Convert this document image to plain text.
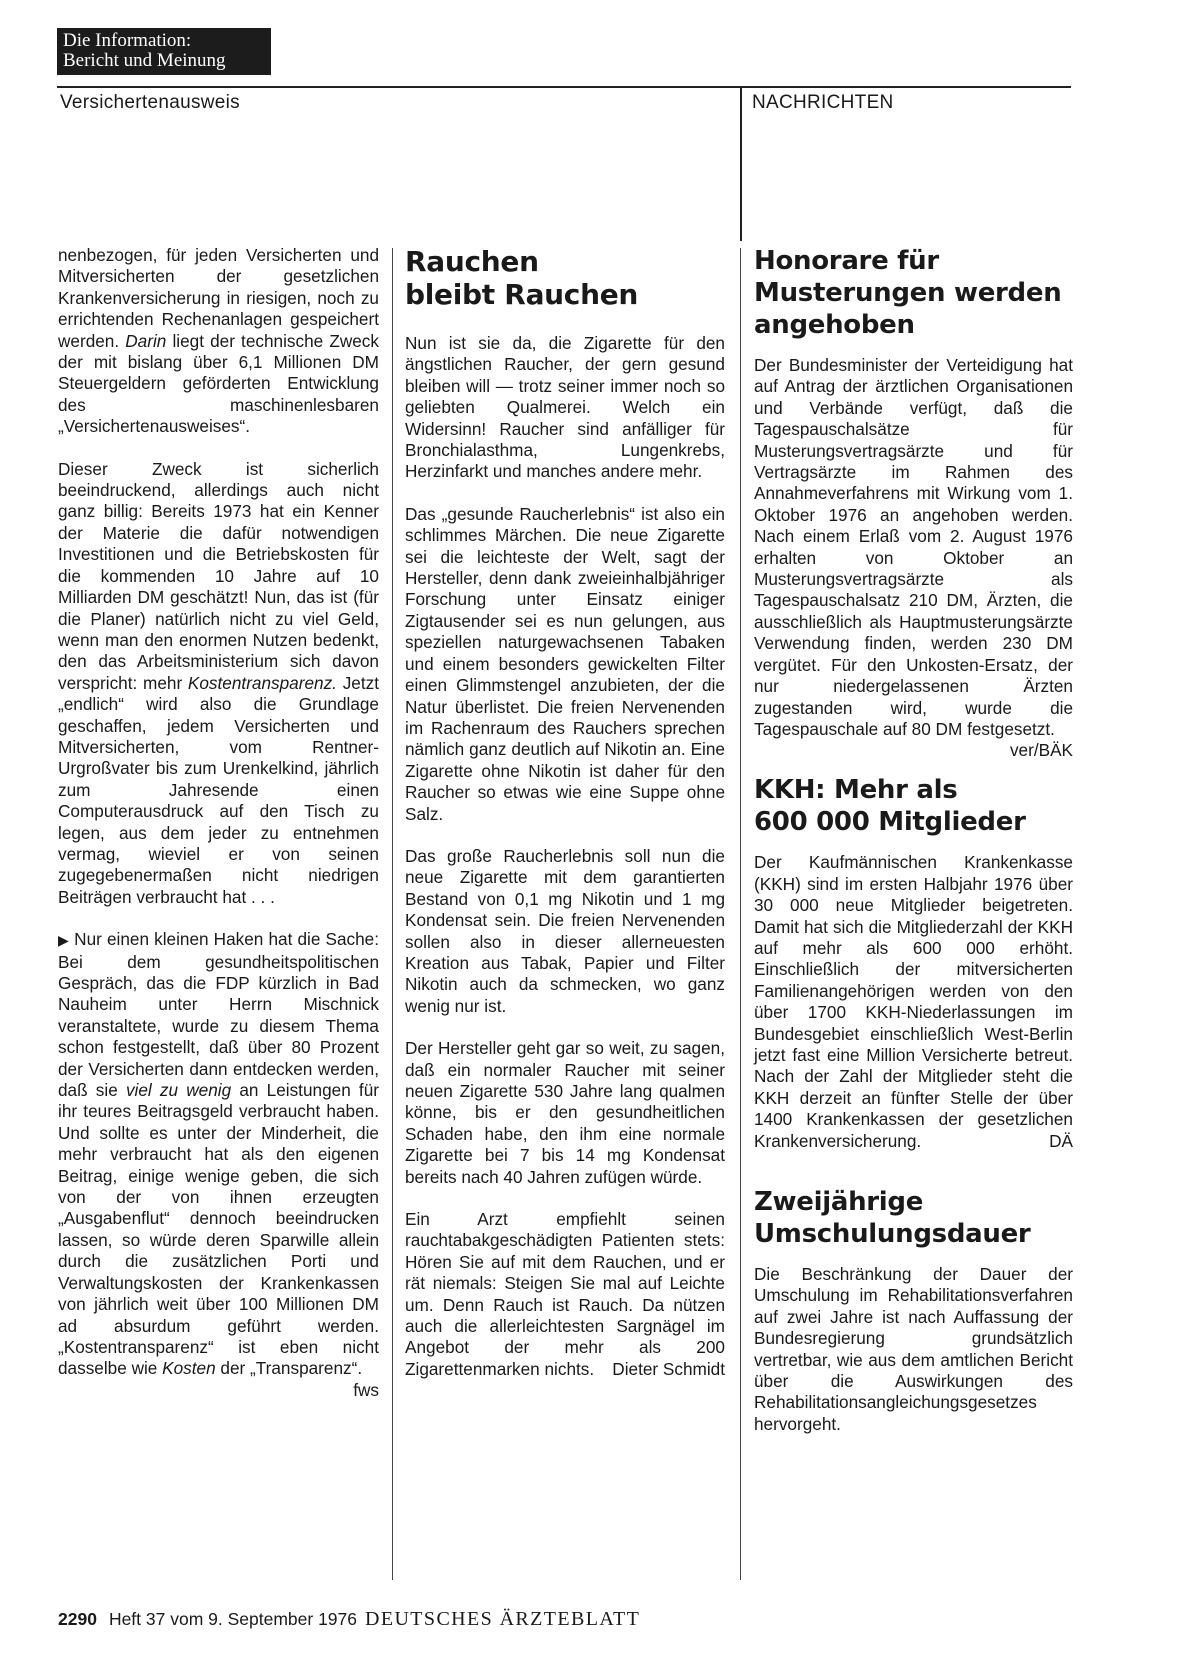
Die Information:
Bericht und Meinung
Versichertenausweis	NACHRICHTEN

nenbezogen, für jeden Versicherten und Mitversicherten der gesetzlichen Krankenversicherung in riesigen, noch zu errichtenden Rechenanlagen gespeichert werden. Darin liegt der technische Zweck der mit bislang über 6,1 Millionen DM Steuergeldern geförderten Entwicklung des maschinenlesbaren „Versichertenausweises“.

Dieser Zweck ist sicherlich beeindruckend, allerdings auch nicht ganz billig: Bereits 1973 hat ein Kenner der Materie die dafür notwendigen Investitionen und die Betriebskosten für die kommenden 10 Jahre auf 10 Milliarden DM geschätzt! Nun, das ist (für die Planer) natürlich nicht zu viel Geld, wenn man den enormen Nutzen bedenkt, den das Arbeitsministerium sich davon verspricht: mehr Kostentransparenz. Jetzt „endlich“ wird also die Grundlage geschaffen, jedem Versicherten und Mitversicherten, vom Rentner-Urgroßvater bis zum Urenkelkind, jährlich zum Jahresende einen Computerausdruck auf den Tisch zu legen, aus dem jeder zu entnehmen vermag, wieviel er von seinen zugegebenermaßen nicht niedrigen Beiträgen verbraucht hat . . .

▶ Nur einen kleinen Haken hat die Sache: Bei dem gesundheitspolitischen Gespräch, das die FDP kürzlich in Bad Nauheim unter Herrn Mischnick veranstaltete, wurde zu diesem Thema schon festgestellt, daß über 80 Prozent der Versicherten dann entdecken werden, daß sie viel zu wenig an Leistungen für ihr teures Beitragsgeld verbraucht haben. Und sollte es unter der Minderheit, die mehr verbraucht hat als den eigenen Beitrag, einige wenige geben, die sich von der von ihnen erzeugten „Ausgabenflut“ dennoch beeindrucken lassen, so würde deren Sparwille allein durch die zusätzlichen Porti und Verwaltungskosten der Krankenkassen von jährlich weit über 100 Millionen DM ad absurdum geführt werden. „Kostentransparenz“ ist eben nicht dasselbe wie Kosten der „Transparenz“.
fws

Rauchen
bleibt Rauchen

Nun ist sie da, die Zigarette für den ängstlichen Raucher, der gern gesund bleiben will — trotz seiner immer noch so geliebten Qualmerei. Welch ein Widersinn! Raucher sind anfälliger für Bronchialasthma, Lungenkrebs, Herzinfarkt und manches andere mehr.

Das „gesunde Raucherlebnis“ ist also ein schlimmes Märchen. Die neue Zigarette sei die leichteste der Welt, sagt der Hersteller, denn dank zweieinhalbjähriger Forschung unter Einsatz einiger Zigtausender sei es nun gelungen, aus speziellen naturgewachsenen Tabaken und einem besonders gewickelten Filter einen Glimmstengel anzubieten, der die Natur überlistet. Die freien Nervenenden im Rachenraum des Rauchers sprechen nämlich ganz deutlich auf Nikotin an. Eine Zigarette ohne Nikotin ist daher für den Raucher so etwas wie eine Suppe ohne Salz.

Das große Raucherlebnis soll nun die neue Zigarette mit dem garantierten Bestand von 0,1 mg Nikotin und 1 mg Kondensat sein. Die freien Nervenenden sollen also in dieser allerneuesten Kreation aus Tabak, Papier und Filter Nikotin auch da schmecken, wo ganz wenig nur ist.

Der Hersteller geht gar so weit, zu sagen, daß ein normaler Raucher mit seiner neuen Zigarette 530 Jahre lang qualmen könne, bis er den gesundheitlichen Schaden habe, den ihm eine normale Zigarette bei 7 bis 14 mg Kondensat bereits nach 40 Jahren zufügen würde.

Ein Arzt empfiehlt seinen rauchtabakgeschädigten Patienten stets: Hören Sie auf mit dem Rauchen, und er rät niemals: Steigen Sie mal auf Leichte um. Denn Rauch ist Rauch. Da nützen auch die allerleichtesten Sargnägel im Angebot der mehr als 200 Zigarettenmarken nichts. Dieter Schmidt

Honorare für
Musterungen werden
angehoben

Der Bundesminister der Verteidigung hat auf Antrag der ärztlichen Organisationen und Verbände verfügt, daß die Tagespauschalsätze für Musterungsvertragsärzte und für Vertragsärzte im Rahmen des Annahmeverfahrens mit Wirkung vom 1. Oktober 1976 an angehoben werden. Nach einem Erlaß vom 2. August 1976 erhalten von Oktober an Musterungsvertragsärzte als Tagespauschalsatz 210 DM, Ärzten, die ausschließlich als Hauptmusterungsärzte Verwendung finden, werden 230 DM vergütet. Für den Unkosten-Ersatz, der nur niedergelassenen Ärzten zugestanden wird, wurde die Tagespauschale auf 80 DM festgesetzt.
ver/BÄK

KKH: Mehr als
600 000 Mitglieder

Der Kaufmännischen Krankenkasse (KKH) sind im ersten Halbjahr 1976 über 30 000 neue Mitglieder beigetreten. Damit hat sich die Mitgliederzahl der KKH auf mehr als 600 000 erhöht. Einschließlich der mitversicherten Familienangehörigen werden von den über 1700 KKH-Niederlassungen im Bundesgebiet einschließlich West-Berlin jetzt fast eine Million Versicherte betreut. Nach der Zahl der Mitglieder steht die KKH derzeit an fünfter Stelle der über 1400 Krankenkassen der gesetzlichen Krankenversicherung.	DÄ

Zweijährige
Umschulungsdauer

Die Beschränkung der Dauer der Umschulung im Rehabilitationsverfahren auf zwei Jahre ist nach Auffassung der Bundesregierung grundsätzlich vertretbar, wie aus dem amtlichen Bericht über die Auswirkungen des Rehabilitationsangleichungsgesetzes hervorgeht.

2290 Heft 37 vom 9. September 1976 DEUTSCHES ÄRZTEBLATT
